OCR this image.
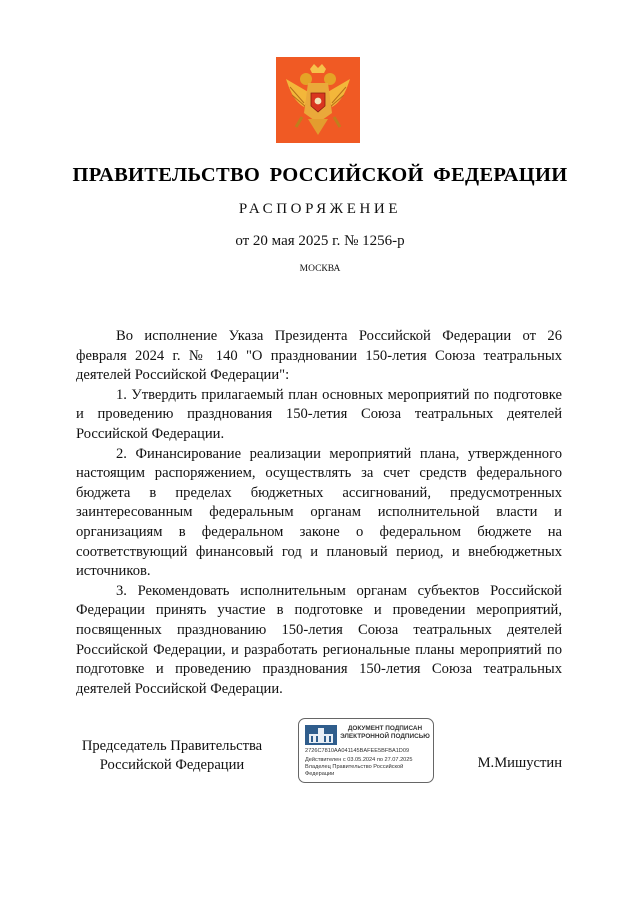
ПРАВИТЕЛЬСТВО РОССИЙСКОЙ ФЕДЕРАЦИИ
РАСПОРЯЖЕНИЕ
от 20 мая 2025 г. № 1256-р
МОСКВА

Во исполнение Указа Президента Российской Федерации от 26 февраля 2024 г. № 140 "О праздновании 150-летия Союза театральных деятелей Российской Федерации":

1. Утвердить прилагаемый план основных мероприятий по подготовке и проведению празднования 150-летия Союза театральных деятелей Российской Федерации.

2. Финансирование реализации мероприятий плана, утвержденного настоящим распоряжением, осуществлять за счет средств федерального бюджета в пределах бюджетных ассигнований, предусмотренных заинтересованным федеральным органам исполнительной власти и организациям в федеральном законе о федеральном бюджете на соответствующий финансовый год и плановый период, и внебюджетных источников.

3. Рекомендовать исполнительным органам субъектов Российской Федерации принять участие в подготовке и проведении мероприятий, посвященных празднованию 150-летия Союза театральных деятелей Российской Федерации, и разработать региональные планы мероприятий по подготовке и проведению празднования 150-летия Союза театральных деятелей Российской Федерации.

Председатель Правительства
Российской Федерации
ДОКУМЕНТ ПОДПИСАН
ЭЛЕКТРОННОЙ ПОДПИСЬЮ
2726C7810AA041145BAFEE5BFBA1D09
Действителен с 03.05.2024 по 27.07.2025
Владелец Правительство Российской
Федерации
М.Мишустин
